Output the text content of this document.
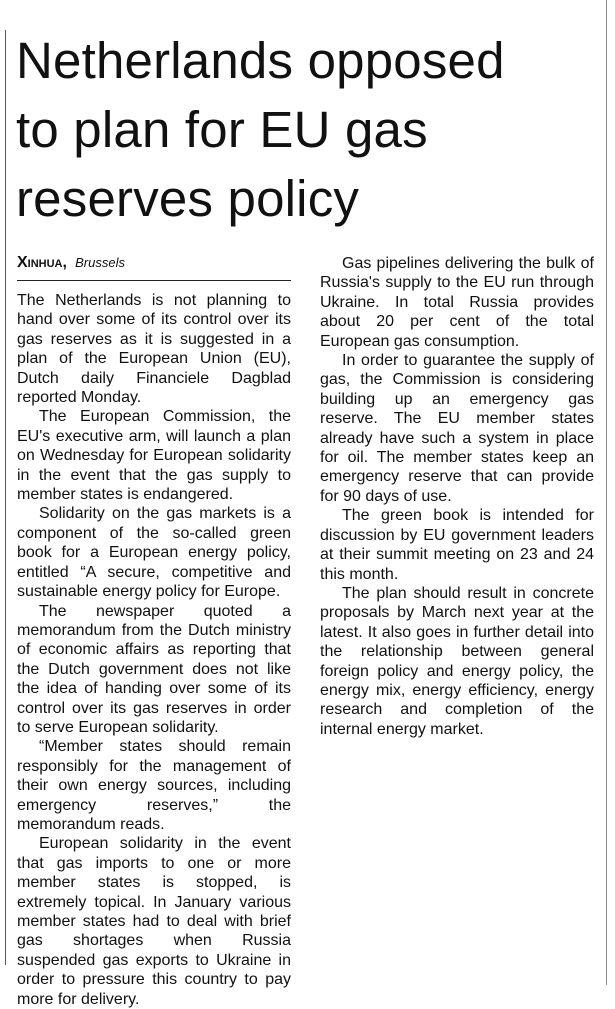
Netherlands opposed
to plan for EU gas
reserves policy
Xinhua, Brussels

The Netherlands is not planning to hand over some of its control over its gas reserves as it is suggested in a plan of the European Union (EU), Dutch daily Financiele Dagblad reported Monday.

The European Commission, the EU's executive arm, will launch a plan on Wednesday for European solidarity in the event that the gas supply to member states is endangered.

Solidarity on the gas markets is a component of the so-called green book for a European energy policy, entitled “A secure, competitive and sustainable energy policy for Europe.

The newspaper quoted a memorandum from the Dutch ministry of economic affairs as reporting that the Dutch government does not like the idea of handing over some of its control over its gas reserves in order to serve European solidarity.

“Member states should remain responsibly for the management of their own energy sources, including emergency reserves,” the memorandum reads.

European solidarity in the event that gas imports to one or more member states is stopped, is extremely topical. In January various member states had to deal with brief gas shortages when Russia suspended gas exports to Ukraine in order to pressure this country to pay more for delivery.

Gas pipelines delivering the bulk of Russia's supply to the EU run through Ukraine. In total Russia provides about 20 per cent of the total European gas consumption.

In order to guarantee the supply of gas, the Commission is considering building up an emergency gas reserve. The EU member states already have such a system in place for oil. The member states keep an emergency reserve that can provide for 90 days of use.

The green book is intended for discussion by EU government leaders at their summit meeting on 23 and 24 this month.

The plan should result in concrete proposals by March next year at the latest. It also goes in further detail into the relationship between general foreign policy and energy policy, the energy mix, energy efficiency, energy research and completion of the internal energy market.
